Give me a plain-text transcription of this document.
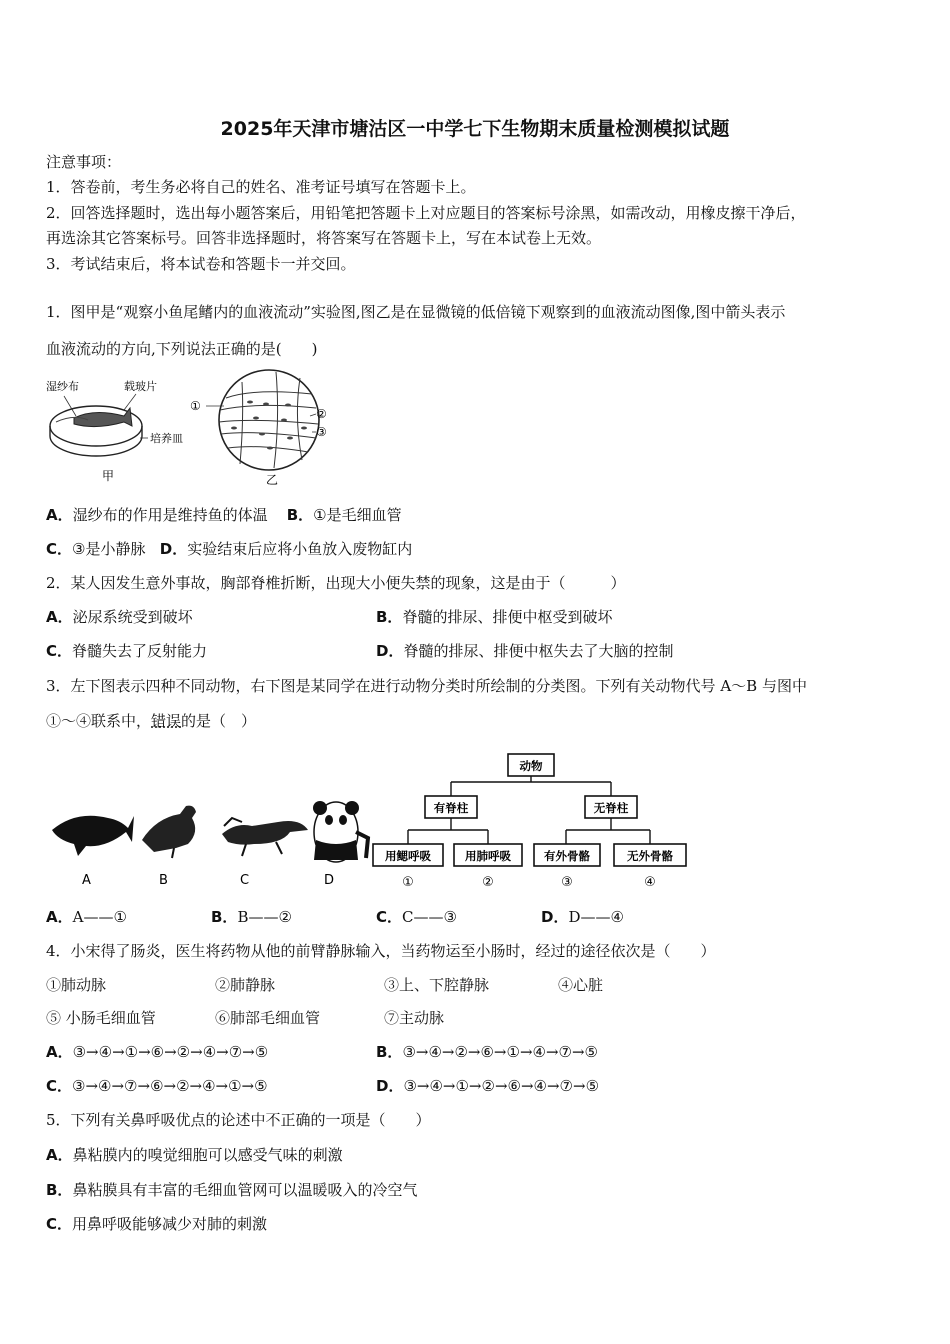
2025年天津市塘沽区一中学七下生物期末质量检测模拟试题
注意事项：
1．答卷前，考生务必将自己的姓名、准考证号填写在答题卡上。
2．回答选择题时，选出每小题答案后，用铅笔把答题卡上对应题目的答案标号涂黑，如需改动，用橡皮擦干净后，
再选涂其它答案标号。回答非选择题时，将答案写在答题卡上，写在本试卷上无效。
3．考试结束后，将本试卷和答题卡一并交回。
1．图甲是“观察小鱼尾鳍内的血液流动”实验图,图乙是在显微镜的低倍镜下观察到的血液流动图像,图中箭头表示
血液流动的方向,下列说法正确的是(　　)
湿纱布	载玻片
培养皿
甲
①
②
③
乙
A．湿纱布的作用是维持鱼的体温 B．①是毛细血管
C．③是小静脉 D．实验结束后应将小鱼放入废物缸内
2．某人因发生意外事故，胸部脊椎折断，出现大小便失禁的现象，这是由于（　　　）
A．泌尿系统受到破坏	B．脊髓的排尿、排便中枢受到破坏
C．脊髓失去了反射能力	D．脊髓的排尿、排便中枢失去了大脑的控制
3．左下图表示四种不同动物，右下图是某同学在进行动物分类时所绘制的分类图。下列有关动物代号 A～B 与图中
①～④联系中，错误的是（　）
A	B	C	D
动物
有脊柱	无脊柱
用鳃呼吸	用肺呼吸	有外骨骼	无外骨骼
①	②	③	④
A．A——①	B．B——②	C．C——③	D．D——④
4．小宋得了肠炎，医生将药物从他的前臂静脉输入，当药物运至小肠时，经过的途径依次是（　　）
①肺动脉	②肺静脉	③上、下腔静脉	④心脏
⑤ 小肠毛细血管	⑥肺部毛细血管	⑦主动脉
A．③→④→①→⑥→②→④→⑦→⑤	B．③→④→②→⑥→①→④→⑦→⑤
C．③→④→⑦→⑥→②→④→①→⑤	D．③→④→①→②→⑥→④→⑦→⑤
5．下列有关鼻呼吸优点的论述中不正确的一项是（　　）
A．鼻粘膜内的嗅觉细胞可以感受气味的刺激
B．鼻粘膜具有丰富的毛细血管网可以温暖吸入的冷空气
C．用鼻呼吸能够减少对肺的刺激
